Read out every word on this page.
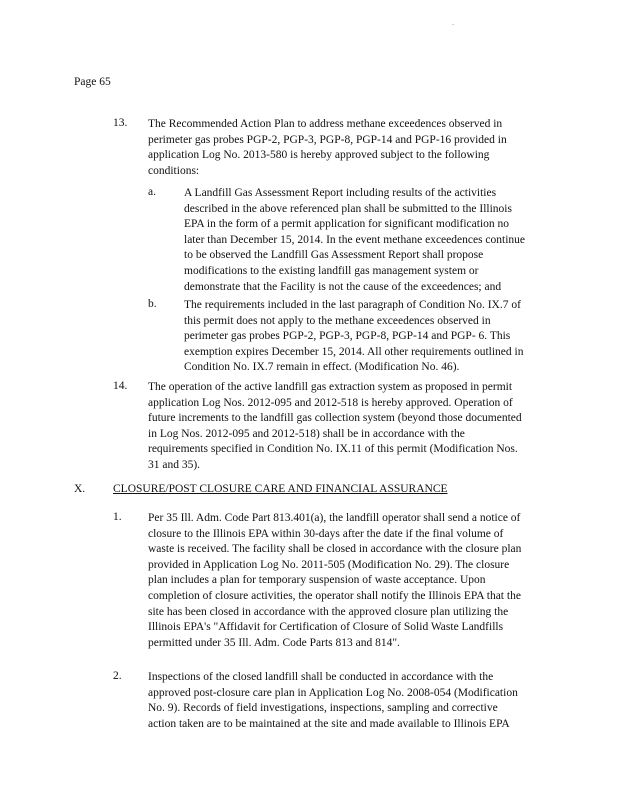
.
Page 65
13. The Recommended Action Plan to address methane exceedences observed in
perimeter gas probes PGP-2, PGP-3, PGP-8, PGP-14 and PGP-16 provided in
application Log No. 2013-580 is hereby approved subject to the following
conditions:
a. A Landfill Gas Assessment Report including results of the activities
described in the above referenced plan shall be submitted to the Illinois
EPA in the form of a permit application for significant modification no
later than December 15, 2014. In the event methane exceedences continue
to be observed the Landfill Gas Assessment Report shall propose
modifications to the existing landfill gas management system or
demonstrate that the Facility is not the cause of the exceedences; and
b. The requirements included in the last paragraph of Condition No. IX.7 of
this permit does not apply to the methane exceedences observed in
perimeter gas probes PGP-2, PGP-3, PGP-8, PGP-14 and PGP- 6. This
exemption expires December 15, 2014. All other requirements outlined in
Condition No. IX.7 remain in effect. (Modification No. 46).
14. The operation of the active landfill gas extraction system as proposed in permit
application Log Nos. 2012-095 and 2012-518 is hereby approved. Operation of
future increments to the landfill gas collection system (beyond those documented
in Log Nos. 2012-095 and 2012-518) shall be in accordance with the
requirements specified in Condition No. IX.11 of this permit (Modification Nos.
31 and 35).
X. CLOSURE/POST CLOSURE CARE AND FINANCIAL ASSURANCE
1. Per 35 Ill. Adm. Code Part 813.401(a), the landfill operator shall send a notice of
closure to the Illinois EPA within 30-days after the date if the final volume of
waste is received. The facility shall be closed in accordance with the closure plan
provided in Application Log No. 2011-505 (Modification No. 29). The closure
plan includes a plan for temporary suspension of waste acceptance. Upon
completion of closure activities, the operator shall notify the Illinois EPA that the
site has been closed in accordance with the approved closure plan utilizing the
Illinois EPA's "Affidavit for Certification of Closure of Solid Waste Landfills
permitted under 35 Ill. Adm. Code Parts 813 and 814".
2. Inspections of the closed landfill shall be conducted in accordance with the
approved post-closure care plan in Application Log No. 2008-054 (Modification
No. 9). Records of field investigations, inspections, sampling and corrective
action taken are to be maintained at the site and made available to Illinois EPA
